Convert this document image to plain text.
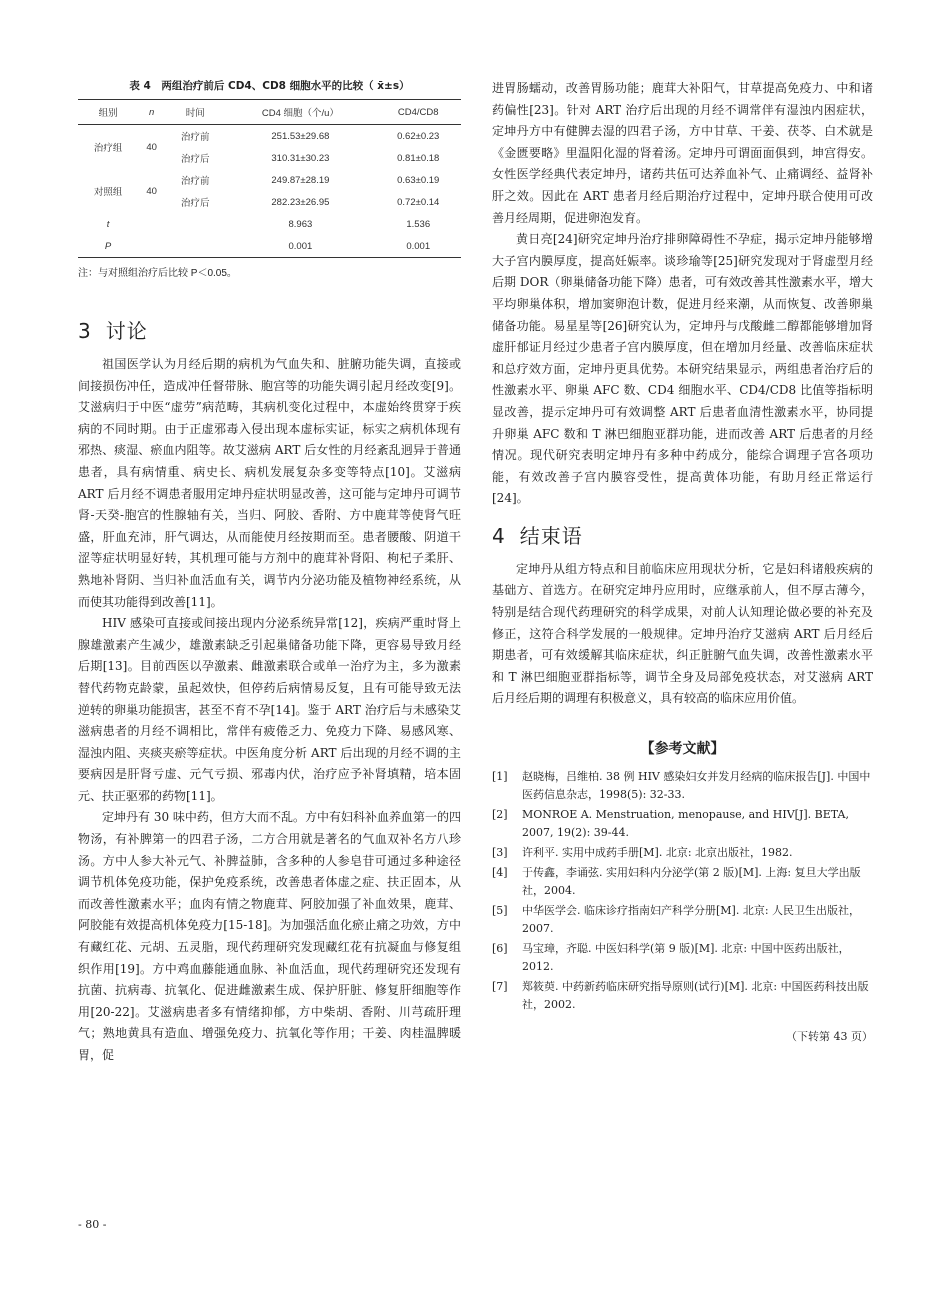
表 4　两组治疗前后 CD4、CD8 细胞水平的比较（ x̄±s）
组别	n	时间	CD4 细胞（个/u）	CD4/CD8
治疗组	40	治疗前	251.53±29.68	0.62±0.23
		治疗后	310.31±30.23	0.81±0.18
对照组	40	治疗前	249.87±28.19	0.63±0.19
		治疗后	282.23±26.95	0.72±0.14
t			8.963	1.536
P			0.001	0.001
注：与对照组治疗后比较 P＜0.05。
3 讨论

祖国医学认为月经后期的病机为气血失和、脏腑功能失调，直接或间接损伤冲任，造成冲任督带脉、胞宫等的功能失调引起月经改变[9]。艾滋病归于中医“虚劳”病范畴，其病机变化过程中，本虚始终贯穿于疾病的不同时期。由于正虚邪毒入侵出现本虚标实证，标实之病机体现有邪热、痰湿、瘀血内阻等。故艾滋病 ART 后女性的月经紊乱迥异于普通患者，具有病情重、病史长、病机发展复杂多变等特点[10]。艾滋病 ART 后月经不调患者服用定坤丹症状明显改善，这可能与定坤丹可调节肾-天癸-胞宫的性腺轴有关，当归、阿胶、香附、方中鹿茸等使肾气旺盛，肝血充沛，肝气调达，从而能使月经按期而至。患者腰酸、阴道干涩等症状明显好转，其机理可能与方剂中的鹿茸补肾阳、枸杞子柔肝、熟地补肾阴、当归补血活血有关，调节内分泌功能及植物神经系统，从而使其功能得到改善[11]。

HIV 感染可直接或间接出现内分泌系统异常[12]，疾病严重时肾上腺雄激素产生减少，雄激素缺乏引起巢储备功能下降，更容易导致月经后期[13]。目前西医以孕激素、雌激素联合或单一治疗为主，多为激素替代药物克龄蒙，虽起效快，但停药后病情易反复，且有可能导致无法逆转的卵巢功能损害，甚至不育不孕[14]。鉴于 ART 治疗后与未感染艾滋病患者的月经不调相比，常伴有疲倦乏力、免疫力下降、易感风寒、湿浊内阻、夹痰夹瘀等症状。中医角度分析 ART 后出现的月经不调的主要病因是肝肾亏虚、元气亏损、邪毒内伏，治疗应予补肾填精，培本固元、扶正驱邪的药物[11]。

定坤丹有 30 味中药，但方大而不乱。方中有妇科补血养血第一的四物汤，有补脾第一的四君子汤，二方合用就是著名的气血双补名方八珍汤。方中人参大补元气、补脾益肺，含多种的人参皂苷可通过多种途径调节机体免疫功能，保护免疫系统，改善患者体虚之症、扶正固本，从而改善性激素水平；血肉有情之物鹿茸、阿胶加强了补血效果，鹿茸、阿胶能有效提高机体免疫力[15-18]。为加强活血化瘀止痛之功效，方中有藏红花、元胡、五灵脂，现代药理研究发现藏红花有抗凝血与修复组织作用[19]。方中鸡血藤能通血脉、补血活血，现代药理研究还发现有抗菌、抗病毒、抗氧化、促进雌激素生成、保护肝脏、修复肝细胞等作用[20-22]。艾滋病患者多有情绪抑郁，方中柴胡、香附、川芎疏肝理气；熟地黄具有造血、增强免疫力、抗氧化等作用；干姜、肉桂温脾暖胃，促

进胃肠蠕动，改善胃肠功能；鹿茸大补阳气，甘草提高免疫力、中和诸药偏性[23]。针对 ART 治疗后出现的月经不调常伴有湿浊内困症状，定坤丹方中有健脾去湿的四君子汤，方中甘草、干姜、茯苓、白术就是《金匮要略》里温阳化湿的肾着汤。定坤丹可谓面面俱到，坤宫得安。女性医学经典代表定坤丹，诸药共伍可达养血补气、止痛调经、益肾补肝之效。因此在 ART 患者月经后期治疗过程中，定坤丹联合使用可改善月经周期，促进卵泡发育。

黄日亮[24]研究定坤丹治疗排卵障碍性不孕症，揭示定坤丹能够增大子宫内膜厚度，提高妊娠率。谈珍瑜等[25]研究发现对于肾虚型月经后期 DOR（卵巢储备功能下降）患者，可有效改善其性激素水平，增大平均卵巢体积，增加窦卵泡计数，促进月经来潮，从而恢复、改善卵巢储备功能。易星星等[26]研究认为，定坤丹与戊酸雌二醇都能够增加肾虚肝郁证月经过少患者子宫内膜厚度，但在增加月经量、改善临床症状和总疗效方面，定坤丹更具优势。本研究结果显示，两组患者治疗后的性激素水平、卵巢 AFC 数、CD4 细胞水平、CD4/CD8 比值等指标明显改善，提示定坤丹可有效调整 ART 后患者血清性激素水平，协同提升卵巢 AFC 数和 T 淋巴细胞亚群功能，进而改善 ART 后患者的月经情况。现代研究表明定坤丹有多种中药成分，能综合调理子宫各项功能，有效改善子宫内膜容受性，提高黄体功能，有助月经正常运行[24]。

4 结束语

定坤丹从组方特点和目前临床应用现状分析，它是妇科诸般疾病的基础方、首选方。在研究定坤丹应用时，应继承前人，但不厚古薄今，特别是结合现代药理研究的科学成果，对前人认知理论做必要的补充及修正，这符合科学发展的一般规律。定坤丹治疗艾滋病 ART 后月经后期患者，可有效缓解其临床症状，纠正脏腑气血失调，改善性激素水平和 T 淋巴细胞亚群指标等，调节全身及局部免疫状态，对艾滋病 ART 后月经后期的调理有积极意义，具有较高的临床应用价值。

【参考文献】
[1]	赵晓梅，吕维柏. 38 例 HIV 感染妇女并发月经病的临床报告[J]. 中国中医药信息杂志，1998(5): 32-33.
[2]	MONROE A. Menstruation, menopause, and HIV[J]. BETA, 2007, 19(2): 39-44.
[3]	许利平. 实用中成药手册[M]. 北京: 北京出版社，1982.
[4]	于传鑫，李诵弦. 实用妇科内分泌学(第 2 版)[M]. 上海: 复旦大学出版社，2004.
[5]	中华医学会. 临床诊疗指南妇产科学分册[M]. 北京: 人民卫生出版社，2007.
[6]	马宝璋，齐聪. 中医妇科学(第 9 版)[M]. 北京: 中国中医药出版社，2012.
[7]	郑筱萸. 中药新药临床研究指导原则(试行)[M]. 北京: 中国医药科技出版社，2002.
（下转第 43 页）
- 80 -
